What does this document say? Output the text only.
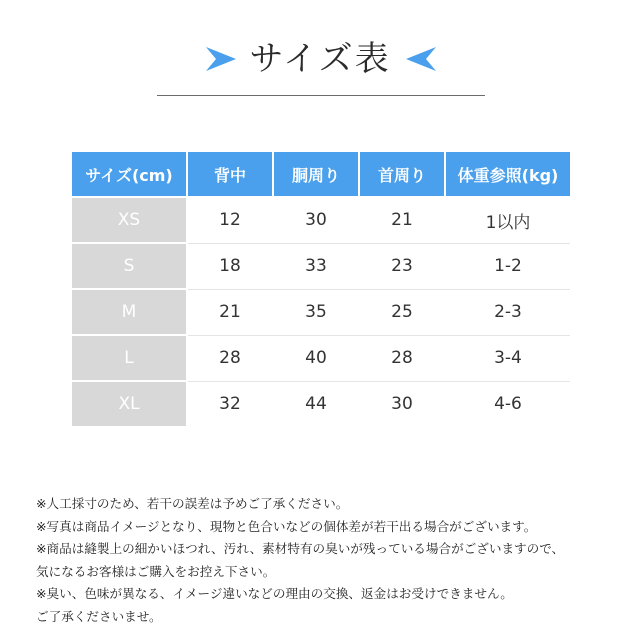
サイズ表
サイズ(cm)	背中	胴周り	首周り	体重参照(kg)
XS	12	30	21	1以内
S	18	33	23	1-2
M	21	35	25	2-3
L	28	40	28	3-4
XL	32	44	30	4-6
※人工採寸のため、若干の誤差は予めご了承ください。
※写真は商品イメージとなり、現物と色合いなどの個体差が若干出る場合がございます。
※商品は縫製上の細かいほつれ、汚れ、素材特有の臭いが残っている場合がございますので、
気になるお客様はご購入をお控え下さい。
※臭い、色味が異なる、イメージ違いなどの理由の交換、返金はお受けできません。
ご了承くださいませ。
